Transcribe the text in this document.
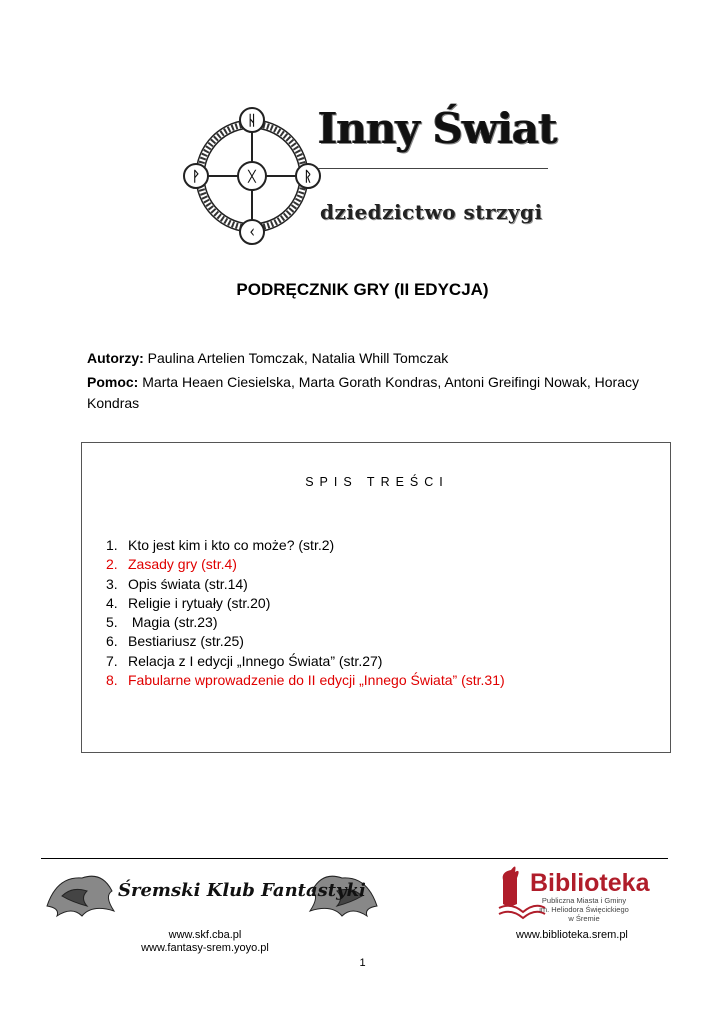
ᚺ
ᚹ	ᚷ	ᚱ
ᚲ
Inny Świat
dziedzictwo strzygi
PODRĘCZNIK GRY (II EDYCJA)
Autorzy: Paulina Artelien Tomczak, Natalia Whill Tomczak
Pomoc: Marta Heaen Ciesielska, Marta Gorath Kondras, Antoni Greifingi Nowak, Horacy Kondras
SPIS TREŚCI
1. Kto jest kim i kto co może? (str.2)
2. Zasady gry (str.4)
3. Opis świata (str.14)
4. Religie i rytuały (str.20)
5. Magia (str.23)
6. Bestiariusz (str.25)
7. Relacja z I edycji „Innego Świata” (str.27)
8. Fabularne wprowadzenie do II edycji „Innego Świata” (str.31)
Śremski Klub Fantastyki	Biblioteka
Publiczna Miasta i Gminy
im. Heliodora Święcickiego
w Śremie
www.skf.cba.pl
www.fantasy-srem.yoyo.pl
www.biblioteka.srem.pl
1
